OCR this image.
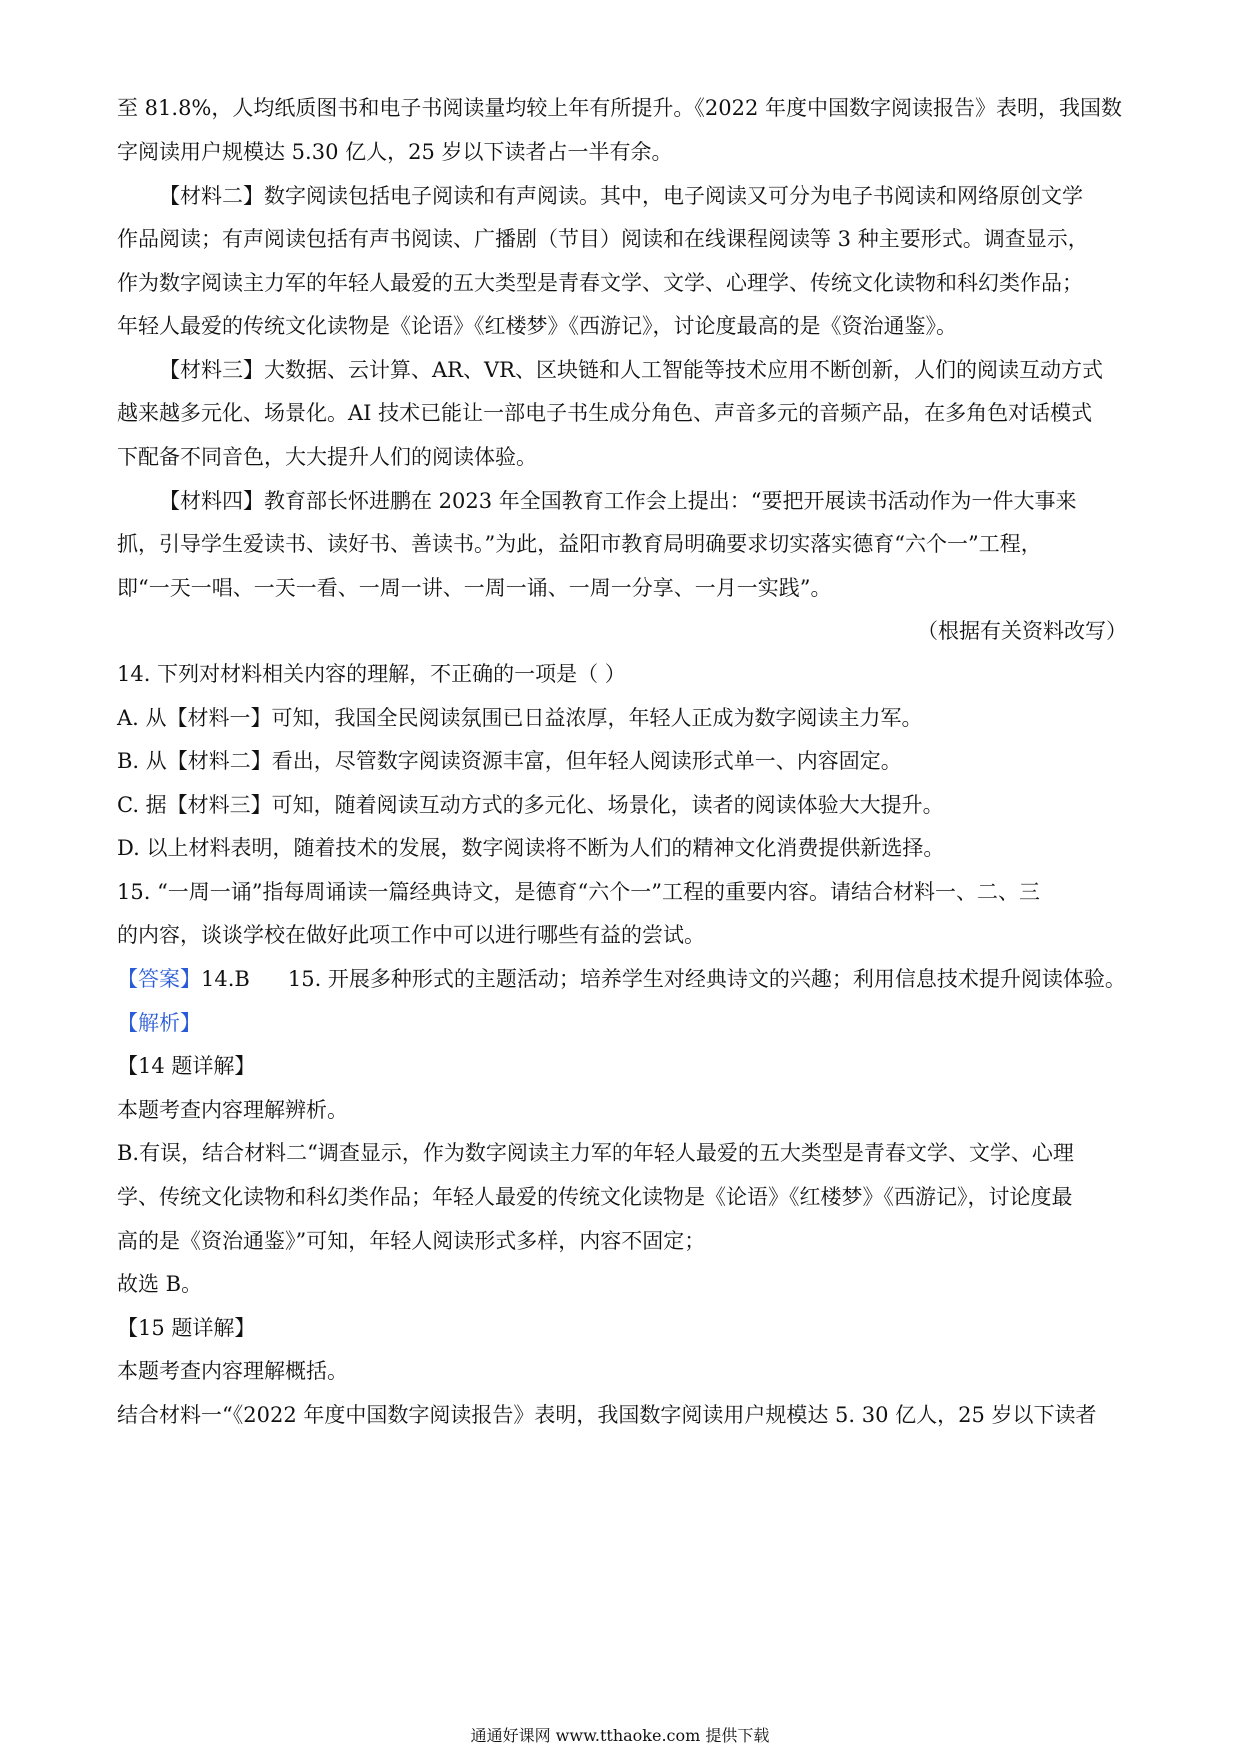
至 81.8%，人均纸质图书和电子书阅读量均较上年有所提升。《2022 年度中国数字阅读报告》表明，我国数
字阅读用户规模达 5.30 亿人，25 岁以下读者占一半有余。
【材料二】数字阅读包括电子阅读和有声阅读。其中，电子阅读又可分为电子书阅读和网络原创文学
作品阅读；有声阅读包括有声书阅读、广播剧（节目）阅读和在线课程阅读等 3 种主要形式。调查显示，
作为数字阅读主力军的年轻人最爱的五大类型是青春文学、文学、心理学、传统文化读物和科幻类作品；
年轻人最爱的传统文化读物是《论语》《红楼梦》《西游记》，讨论度最高的是《资治通鉴》。
【材料三】大数据、云计算、AR、VR、区块链和人工智能等技术应用不断创新，人们的阅读互动方式
越来越多元化、场景化。AI 技术已能让一部电子书生成分角色、声音多元的音频产品，在多角色对话模式
下配备不同音色，大大提升人们的阅读体验。
【材料四】教育部长怀进鹏在 2023 年全国教育工作会上提出：“要把开展读书活动作为一件大事来
抓，引导学生爱读书、读好书、善读书。”为此，益阳市教育局明确要求切实落实德育“六个一”工程，
即“一天一唱、一天一看、一周一讲、一周一诵、一周一分享、一月一实践”。
（根据有关资料改写）
14. 下列对材料相关内容的理解，不正确的一项是（ ）
A. 从【材料一】可知，我国全民阅读氛围已日益浓厚，年轻人正成为数字阅读主力军。
B. 从【材料二】看出，尽管数字阅读资源丰富，但年轻人阅读形式单一、内容固定。
C. 据【材料三】可知，随着阅读互动方式的多元化、场景化，读者的阅读体验大大提升。
D. 以上材料表明，随着技术的发展，数字阅读将不断为人们的精神文化消费提供新选择。
15. “一周一诵”指每周诵读一篇经典诗文，是德育“六个一”工程的重要内容。请结合材料一、二、三
的内容，谈谈学校在做好此项工作中可以进行哪些有益的尝试。
【答案】14.B 15. 开展多种形式的主题活动；培养学生对经典诗文的兴趣；利用信息技术提升阅读体验。
【解析】
【14 题详解】
本题考查内容理解辨析。
B.有误，结合材料二“调查显示，作为数字阅读主力军的年轻人最爱的五大类型是青春文学、文学、心理
学、传统文化读物和科幻类作品；年轻人最爱的传统文化读物是《论语》《红楼梦》《西游记》，讨论度最
高的是《资治通鉴》”可知，年轻人阅读形式多样，内容不固定；
故选 B。
【15 题详解】
本题考查内容理解概括。
结合材料一“《2022 年度中国数字阅读报告》表明，我国数字阅读用户规模达 5. 30 亿人，25 岁以下读者
通通好课网 www.tthaoke.com 提供下载
